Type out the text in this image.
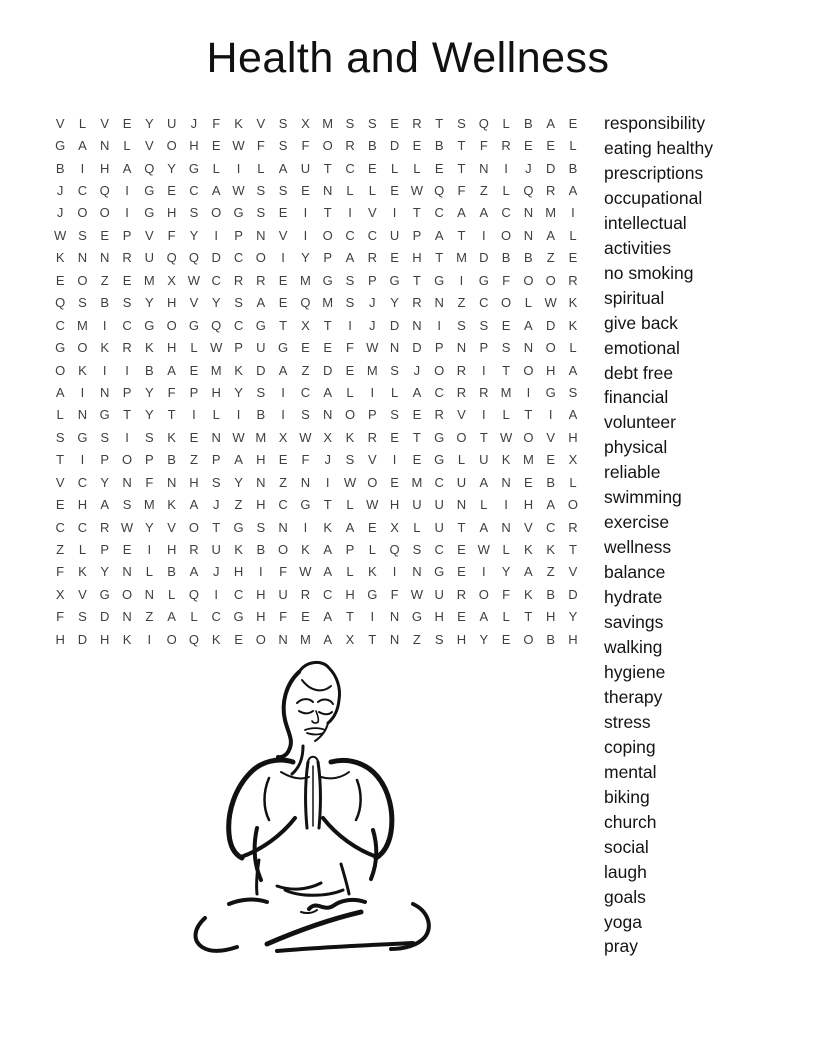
Health and Wellness
V	L	V	E	Y	U	J	F	K	V	S	X M S	S	E	R	T	S Q	L	B	A	E
G A	N	L	V O H	E W F	S	F	O R	B	D	E	B	T	F	R	E	E	L
B	I	H	A Q Y G	L	I	L	A	U	T	C	E	L	L	E	T	N	I	J	D	B
J	C Q	I	G E	C	A W S	S	E	N	L	L	E W Q	F	Z	L	Q R	A
J	O O	I	G H	S O G S	E	I	T	I	V	I	T	C	A	A	C N M	I
W S	E	P	V	F	Y	I	P	N	V	I	O C C U	P	A	T	I	O N	A	L
K	N N R U Q Q D C O	I	Y	P	A	R	E	H	T M D	B	B	Z	E
E O	Z	E M X W C R R	E M G S	P G	T	G	I	G	F	O O R
Q S	B	S	Y	H	V	Y	S	A	E Q M S	J	Y	R N	Z	C O	L W K
C M	I	C G O G Q C G	T	X	T	I	J	D N	I	S	S	E	A	D	K
G O K	R	K	H	L W P	U G E	E	F W N D	P	N	P	S	N O	L
O K	I	I	B	A	E M K	D	A	Z	D	E M S	J	O R	I	T	O H	A
A	I	N	P	Y	F	P	H	Y	S	I	C	A	L	I	L	A	C R R M	I	G S
L	N G	T	Y	T	I	L	I	B	I	S	N O P	S	E	R	V	I	L	T	I	A
S G S	I	S	K	E	N W M X W X	K	R	E	T	G O	T W O V	H
T	I	P O P	B	Z	P	A	H	E	F	J	S	V	I	E G	L	U	K M E	X
V	C	Y	N	F	N H	S	Y	N	Z	N	I	W O E M C U	A	N	E	B	L
E	H	A	S M K	A	J	Z	H C G	T	L W H U U N	L	I	H	A O
C C R W Y	V O	T	G S	N	I	K	A	E	X	L	U	T	A	N	V	C R
Z	L	P	E	I	H R U	K	B O K	A	P	L	Q S	C	E W L	K	K	T
F	K	Y	N	L	B	A	J	H	I	F W A	L	K	I	N G E	I	Y	A	Z	V
X	V G O N	L	Q	I	C H U R C H G	F W U R O	F	K	B	D
F	S	D N	Z	A	L	C G H	F	E	A	T	I	N G H	E	A	L	T	H	Y
H D H	K	I	O Q K	E O N M A	X	T	N	Z	S	H	Y	E O B	H
responsibility
eating healthy
prescriptions
occupational
intellectual
activities
no smoking
spiritual
give back
emotional
debt free
financial
volunteer
physical
reliable
swimming
exercise
wellness
balance
hydrate
savings
walking
hygiene
therapy
stress
coping
mental
biking
church
social
laugh
goals
yoga
pray
